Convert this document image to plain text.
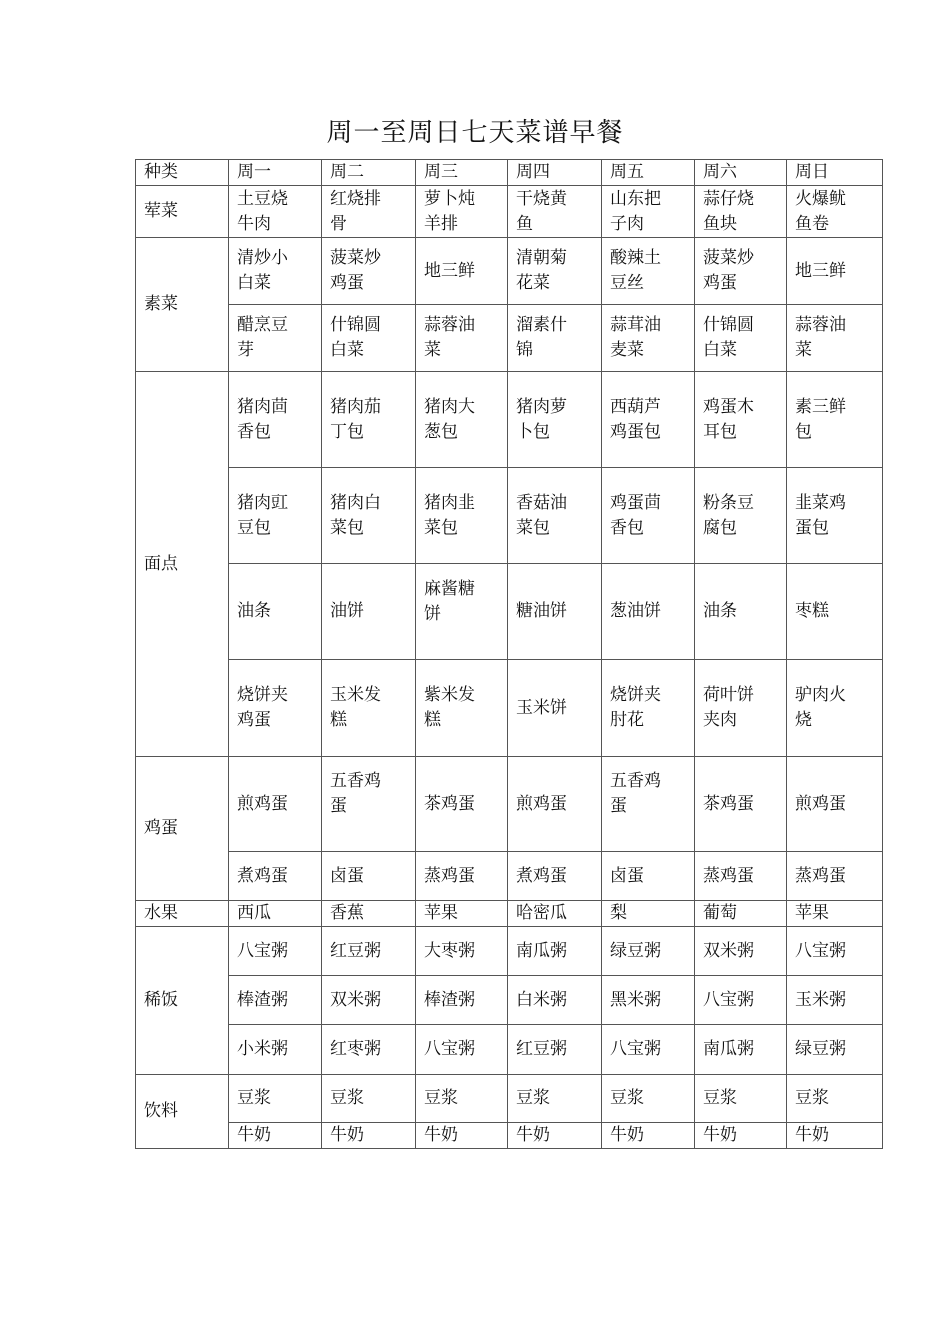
周一至周日七天菜谱早餐
种类	周一	周二	周三	周四	周五	周六	周日
荤菜	土豆烧牛肉	红烧排骨	萝卜炖羊排	干烧黄鱼	山东把子肉	蒜仔烧鱼块	火爆鱿鱼卷

素菜	清炒小白菜	菠菜炒鸡蛋	地三鲜	清朝菊花菜	酸辣土豆丝	菠菜炒鸡蛋	地三鲜

	醋烹豆芽	什锦圆白菜	蒜蓉油菜	溜素什锦	蒜茸油麦菜	什锦圆白菜	蒜蓉油菜

面点	猪肉茴香包	猪肉茄丁包	猪肉大葱包	猪肉萝卜包	西葫芦鸡蛋包	鸡蛋木耳包	素三鲜包

	猪肉豇豆包	猪肉白菜包	猪肉韭菜包	香菇油菜包	鸡蛋茴香包	粉条豆腐包	韭菜鸡蛋包

	油条	油饼	麻酱糖饼	糖油饼	葱油饼	油条	枣糕

	烧饼夹鸡蛋	玉米发糕	紫米发糕	玉米饼	烧饼夹肘花	荷叶饼夹肉	驴肉火烧

鸡蛋	煎鸡蛋	五香鸡蛋	茶鸡蛋	煎鸡蛋	五香鸡蛋	茶鸡蛋	煎鸡蛋

	煮鸡蛋	卤蛋	蒸鸡蛋	煮鸡蛋	卤蛋	蒸鸡蛋	蒸鸡蛋

水果	西瓜	香蕉	苹果	哈密瓜	梨	葡萄	苹果

稀饭	八宝粥	红豆粥	大枣粥	南瓜粥	绿豆粥	双米粥	八宝粥

	棒渣粥	双米粥	棒渣粥	白米粥	黑米粥	八宝粥	玉米粥

	小米粥	红枣粥	八宝粥	红豆粥	八宝粥	南瓜粥	绿豆粥

饮料	豆浆	豆浆	豆浆	豆浆	豆浆	豆浆	豆浆

	牛奶	牛奶	牛奶	牛奶	牛奶	牛奶	牛奶
